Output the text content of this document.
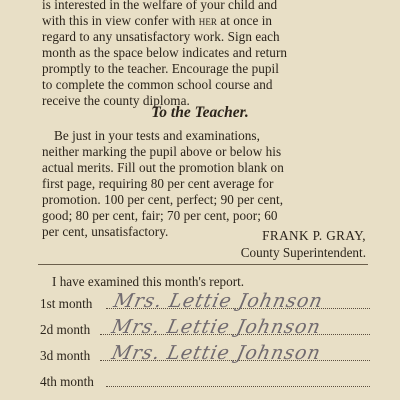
is interested in the welfare of your child and
with this in view confer with her at once in
regard to any unsatisfactory work. Sign each
month as the space below indicates and return
promptly to the teacher. Encourage the pupil
to complete the common school course and
receive the county diploma.
To the Teacher.
Be just in your tests and examinations,
neither marking the pupil above or below his
actual merits. Fill out the promotion blank on
first page, requiring 80 per cent average for
promotion. 100 per cent, perfect; 90 per cent,
good; 80 per cent, fair; 70 per cent, poor; 60
per cent, unsatisfactory.	FRANK P. GRAY,
County Superintendent.
I have examined this month's report.
1st month Mrs. Lettie Johnson
2d month Mrs. Lettie Johnson
3d month Mrs. Lettie Johnson
4th month
